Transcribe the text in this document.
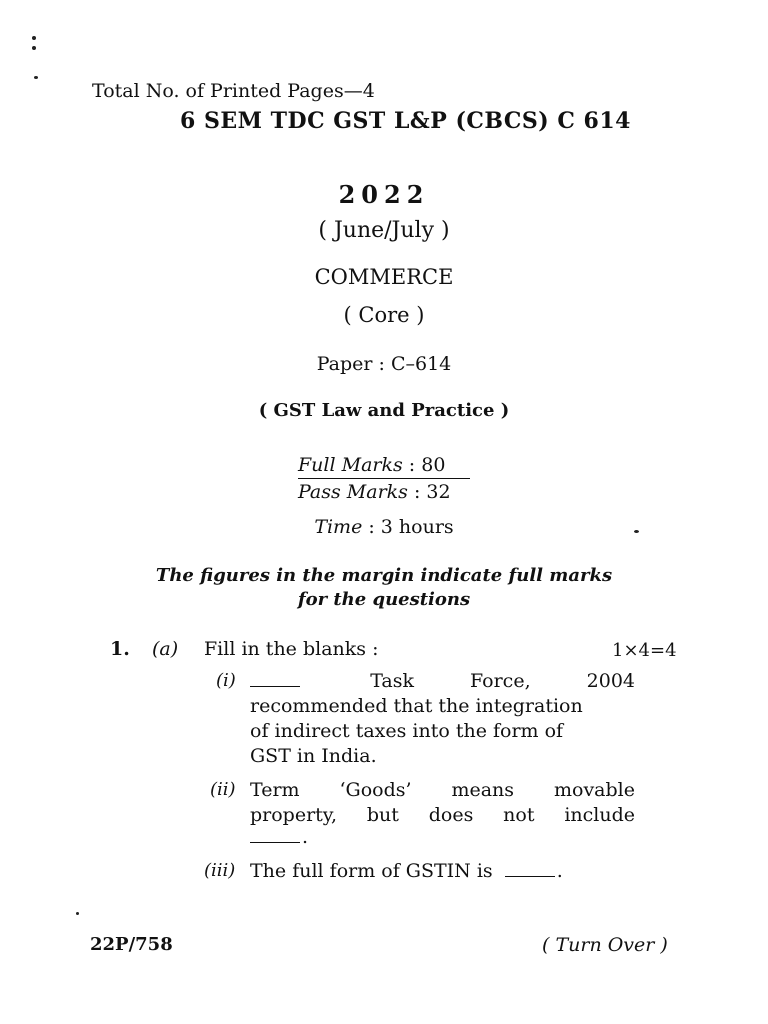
Total No. of Printed Pages—4
6 SEM TDC GST L&P (CBCS) C 614
2022
( June/July )
COMMERCE
( Core )
Paper : C–614
( GST Law and Practice )
Full Marks : 80
Pass Marks : 32
Time : 3 hours
The figures in the margin indicate full marks
for the questions
1. (a) Fill in the blanks :	1×4=4
(i)	Task Force, 2004
recommended that the integration
of indirect taxes into the form of
GST in India.
(ii) Term ‘Goods’ means movable
property, but does not include
.
(iii) The full form of GSTIN is	.
22P/758	( Turn Over )
